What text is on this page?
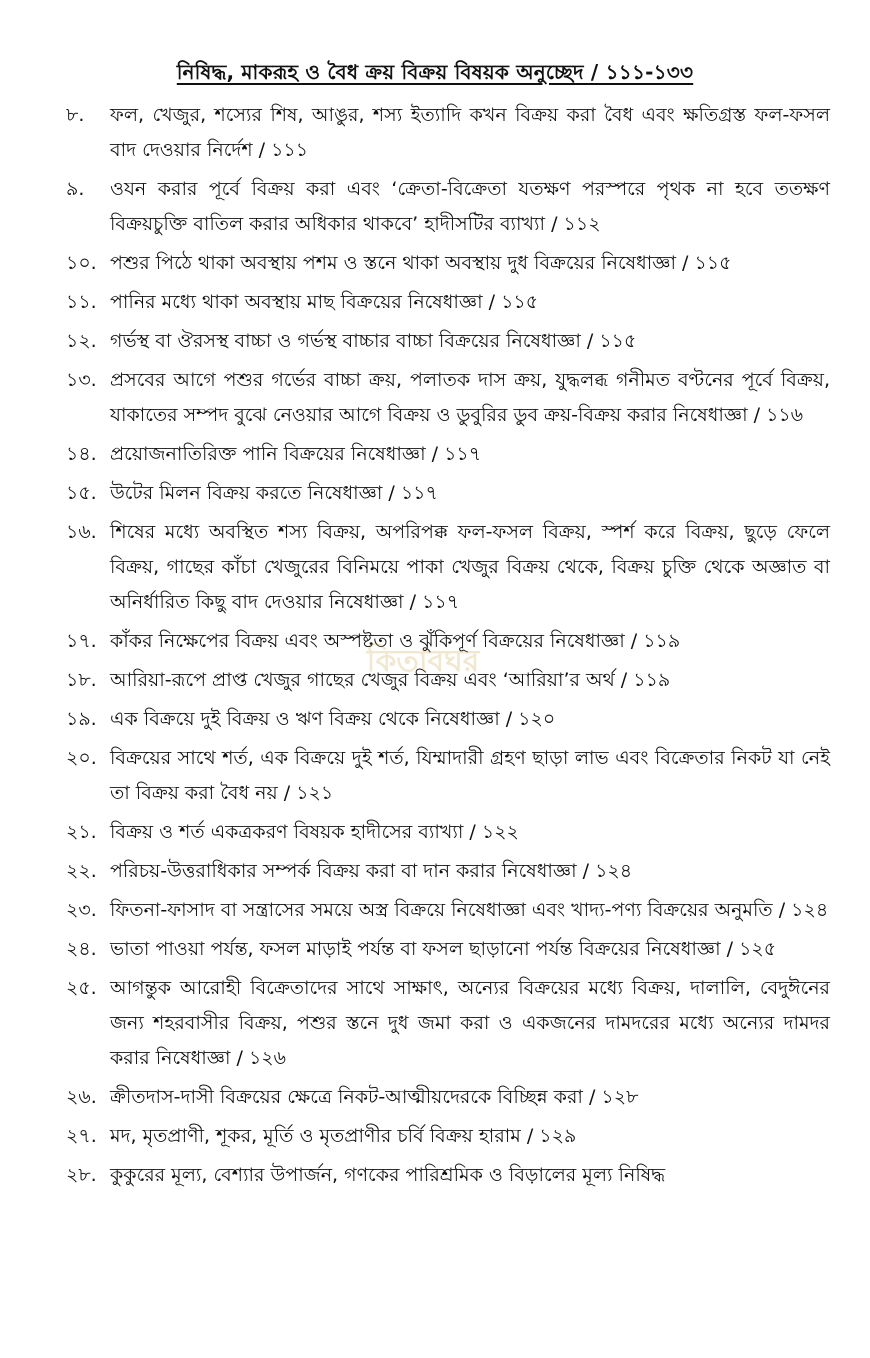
নিষিদ্ধ, মাকরূহ ও বৈধ ক্রয় বিক্রয় বিষয়ক অনুচ্ছেদ / ১১১-১৩৩
৮. ফল, খেজুর, শস্যের শিষ, আঙুর, শস্য ইত্যাদি কখন বিক্রয় করা বৈধ এবং ক্ষতিগ্রস্ত ফল-ফসল বাদ দেওয়ার নির্দেশ / ১১১
৯. ওযন করার পূর্বে বিক্রয় করা এবং ‘ক্রেতা-বিক্রেতা যতক্ষণ পরস্পরে পৃথক না হবে ততক্ষণ বিক্রয়চুক্তি বাতিল করার অধিকার থাকবে’ হাদীসটির ব্যাখ্যা / ১১২
১০. পশুর পিঠে থাকা অবস্থায় পশম ও স্তনে থাকা অবস্থায় দুধ বিক্রয়ের নিষেধাজ্ঞা / ১১৫
১১. পানির মধ্যে থাকা অবস্থায় মাছ বিক্রয়ের নিষেধাজ্ঞা / ১১৫
১২. গর্ভস্থ বা ঔরসস্থ বাচ্চা ও গর্ভস্থ বাচ্চার বাচ্চা বিক্রয়ের নিষেধাজ্ঞা / ১১৫
১৩. প্রসবের আগে পশুর গর্ভের বাচ্চা ক্রয়, পলাতক দাস ক্রয়, যুদ্ধলব্ধ গনীমত বণ্টনের পূর্বে বিক্রয়, যাকাতের সম্পদ বুঝে নেওয়ার আগে বিক্রয় ও ডুবুরির ডুব ক্রয়-বিক্রয় করার নিষেধাজ্ঞা / ১১৬
১৪. প্রয়োজনাতিরিক্ত পানি বিক্রয়ের নিষেধাজ্ঞা / ১১৭
১৫. উটের মিলন বিক্রয় করতে নিষেধাজ্ঞা / ১১৭
১৬. শিষের মধ্যে অবস্থিত শস্য বিক্রয়, অপরিপক্ক ফল-ফসল বিক্রয়, স্পর্শ করে বিক্রয়, ছুড়ে ফেলে বিক্রয়, গাছের কাঁচা খেজুরের বিনিময়ে পাকা খেজুর বিক্রয় থেকে, বিক্রয় চুক্তি থেকে অজ্ঞাত বা অনির্ধারিত কিছু বাদ দেওয়ার নিষেধাজ্ঞা / ১১৭
১৭. কাঁকর নিক্ষেপের বিক্রয় এবং অস্পষ্টতা ও ঝুঁকিপূর্ণ বিক্রয়ের নিষেধাজ্ঞা / ১১৯
১৮. আরিয়া-রূপে প্রাপ্ত খেজুর গাছের খেজুর বিক্রয় এবং ‘আরিয়া’র অর্থ / ১১৯
১৯. এক বিক্রয়ে দুই বিক্রয় ও ঋণ বিক্রয় থেকে নিষেধাজ্ঞা / ১২০
২০. বিক্রয়ের সাথে শর্ত, এক বিক্রয়ে দুই শর্ত, যিম্মাদারী গ্রহণ ছাড়া লাভ এবং বিক্রেতার নিকট যা নেই তা বিক্রয় করা বৈধ নয় / ১২১
২১. বিক্রয় ও শর্ত একত্রকরণ বিষয়ক হাদীসের ব্যাখ্যা / ১২২
২২. পরিচয়-উত্তরাধিকার সম্পর্ক বিক্রয় করা বা দান করার নিষেধাজ্ঞা / ১২৪
২৩. ফিতনা-ফাসাদ বা সন্ত্রাসের সময়ে অস্ত্র বিক্রয়ে নিষেধাজ্ঞা এবং খাদ্য-পণ্য বিক্রয়ের অনুমতি / ১২৪
২৪. ভাতা পাওয়া পর্যন্ত, ফসল মাড়াই পর্যন্ত বা ফসল ছাড়ানো পর্যন্ত বিক্রয়ের নিষেধাজ্ঞা / ১২৫
২৫. আগন্তুক আরোহী বিক্রেতাদের সাথে সাক্ষাৎ, অন্যের বিক্রয়ের মধ্যে বিক্রয়, দালালি, বেদুঈনের জন্য শহরবাসীর বিক্রয়, পশুর স্তনে দুধ জমা করা ও একজনের দামদরের মধ্যে অন্যের দামদর করার নিষেধাজ্ঞা / ১২৬
২৬. ক্রীতদাস-দাসী বিক্রয়ের ক্ষেত্রে নিকট-আত্মীয়দেরকে বিচ্ছিন্ন করা / ১২৮
২৭. মদ, মৃতপ্রাণী, শূকর, মূর্তি ও মৃতপ্রাণীর চর্বি বিক্রয় হারাম / ১২৯
২৮. কুকুরের মূল্য, বেশ্যার উপার্জন, গণকের পারিশ্রমিক ও বিড়ালের মূল্য নিষিদ্ধ
কিতাবঘর
